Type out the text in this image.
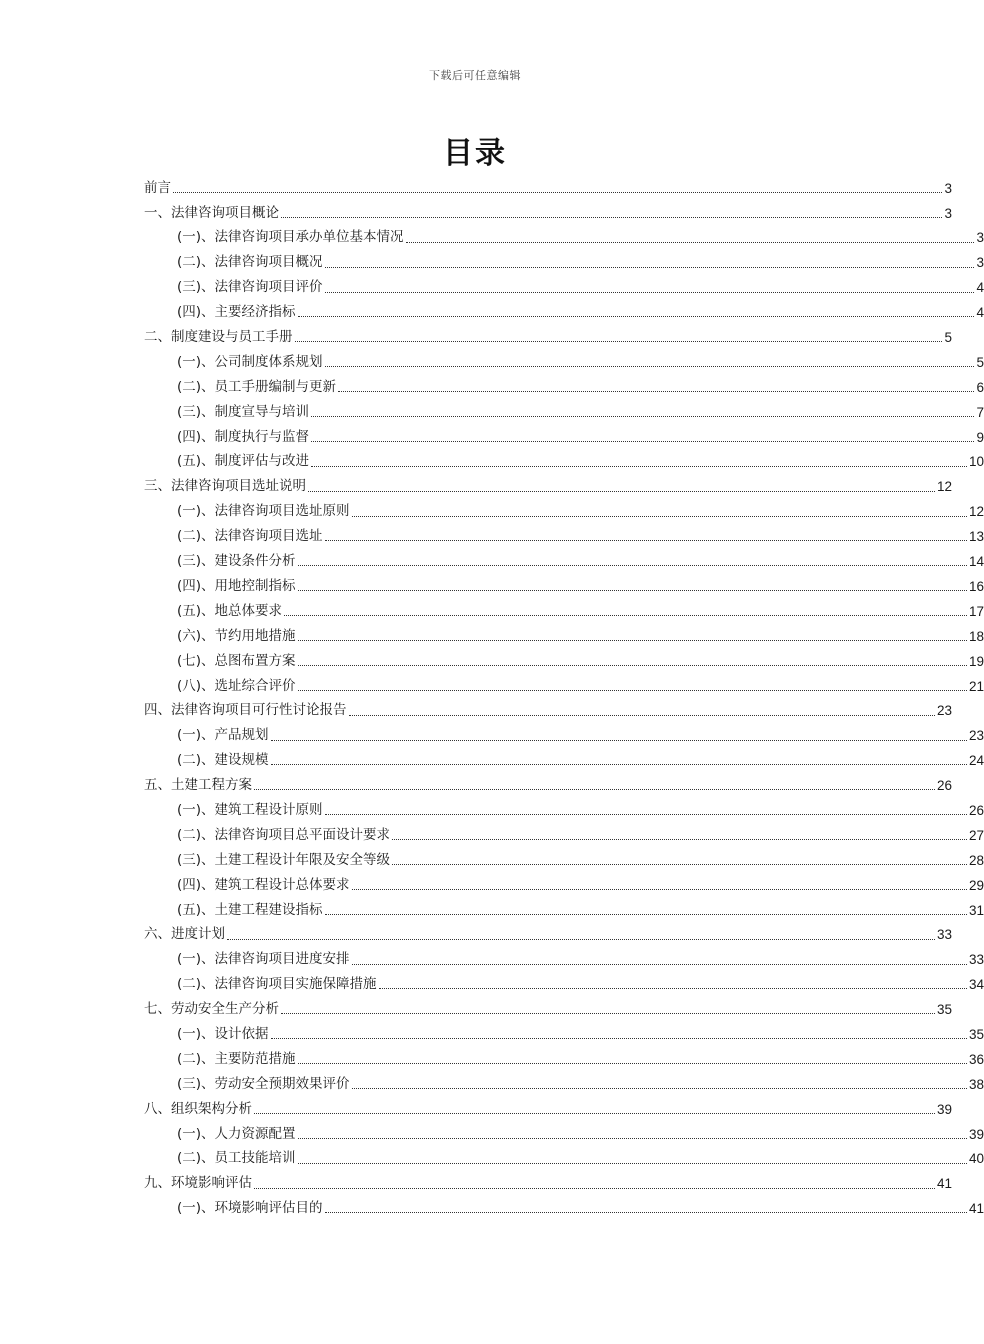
下载后可任意编辑
目录
前言	3
一、法律咨询项目概论	3
(一)、法律咨询项目承办单位基本情况	3
(二)、法律咨询项目概况	3
(三)、法律咨询项目评价	4
(四)、主要经济指标	4
二、制度建设与员工手册	5
(一)、公司制度体系规划	5
(二)、员工手册编制与更新	6
(三)、制度宣导与培训	7
(四)、制度执行与监督	9
(五)、制度评估与改进	10
三、法律咨询项目选址说明	12
(一)、法律咨询项目选址原则	12
(二)、法律咨询项目选址	13
(三)、建设条件分析	14
(四)、用地控制指标	16
(五)、地总体要求	17
(六)、节约用地措施	18
(七)、总图布置方案	19
(八)、选址综合评价	21
四、法律咨询项目可行性讨论报告	23
(一)、产品规划	23
(二)、建设规模	24
五、土建工程方案	26
(一)、建筑工程设计原则	26
(二)、法律咨询项目总平面设计要求	27
(三)、土建工程设计年限及安全等级	28
(四)、建筑工程设计总体要求	29
(五)、土建工程建设指标	31
六、进度计划	33
(一)、法律咨询项目进度安排	33
(二)、法律咨询项目实施保障措施	34
七、劳动安全生产分析	35
(一)、设计依据	35
(二)、主要防范措施	36
(三)、劳动安全预期效果评价	38
八、组织架构分析	39
(一)、人力资源配置	39
(二)、员工技能培训	40
九、环境影响评估	41
(一)、环境影响评估目的	41
